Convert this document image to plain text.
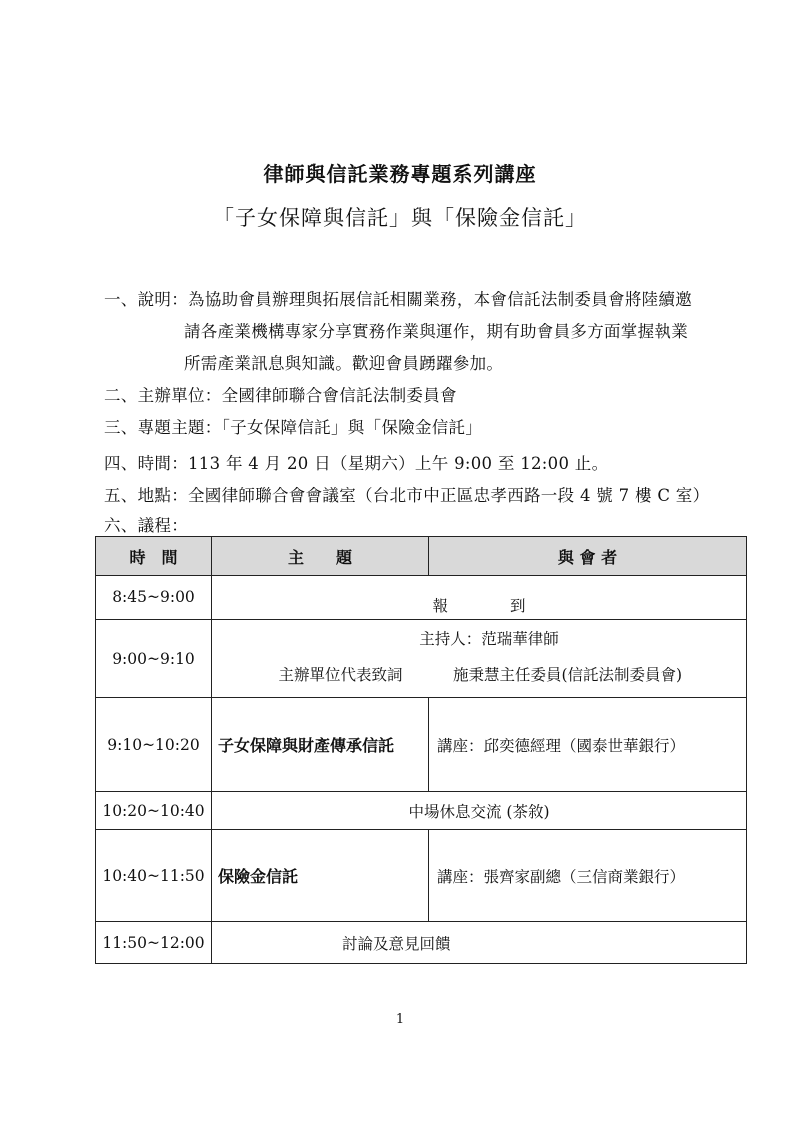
律師與信託業務專題系列講座
「子女保障與信託」與「保險金信託」
一、說明：為協助會員辦理與拓展信託相關業務，本會信託法制委員會將陸續邀
請各產業機構專家分享實務作業與運作，期有助會員多方面掌握執業
所需產業訊息與知識。歡迎會員踴躍參加。
二、主辦單位：全國律師聯合會信託法制委員會
三、專題主題：「子女保障信託」與「保險金信託」
四、時間：113 年 4 月 20 日（星期六）上午 9:00 至 12:00 止。
五、地點：全國律師聯合會會議室（台北市中正區忠孝西路一段 4 號 7 樓 C 室）
六、議程：
時　間	主　　題	與 會 者
8:45~9:00	報　　　　到	
9:00~9:10	主持人：范瑞華律師
主辦單位代表致詞 施秉慧主任委員(信託法制委員會)	

9:10~10:20	子女保障與財產傳承信託	講座：邱奕德經理（國泰世華銀行）
10:20~10:40	中場休息交流 (茶敘)	
10:40~11:50	保險金信託	講座：張齊家副總（三信商業銀行）
11:50~12:00	討論及意見回饋	
1
